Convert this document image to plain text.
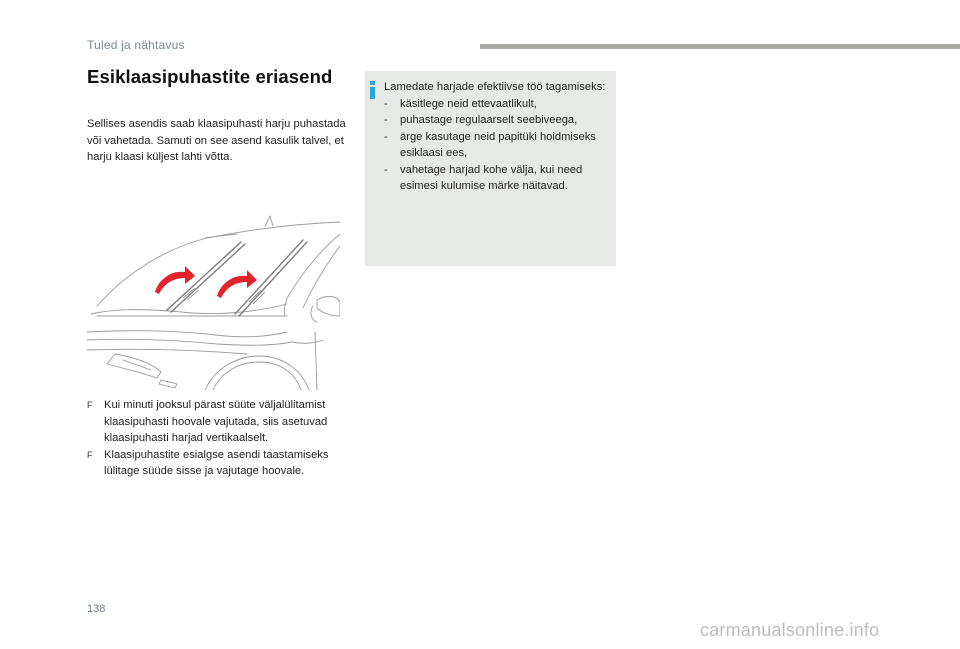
Tuled ja nähtavus
Esiklaasipuhastite eriasend
Sellises asendis saab klaasipuhasti harju puhastada või vahetada. Samuti on see asend kasulik talvel, et harju klaasi küljest lahti võtta.
F Kui minuti jooksul pärast süüte väljalülitamist klaasipuhasti hoovale vajutada, siis asetuvad klaasipuhasti harjad vertikaalselt.
F Klaasipuhastite esialgse asendi taastamiseks lülitage süüde sisse ja vajutage hoovale.
Lamedate harjade efektiivse töö tagamiseks:
- käsitlege neid ettevaatlikult,
- puhastage regulaarselt seebiveega,
- ärge kasutage neid papitüki hoidmiseks esiklaasi ees,
- vahetage harjad kohe välja, kui need esimesi kulumise märke näitavad.
138
carmanualsonline.info
